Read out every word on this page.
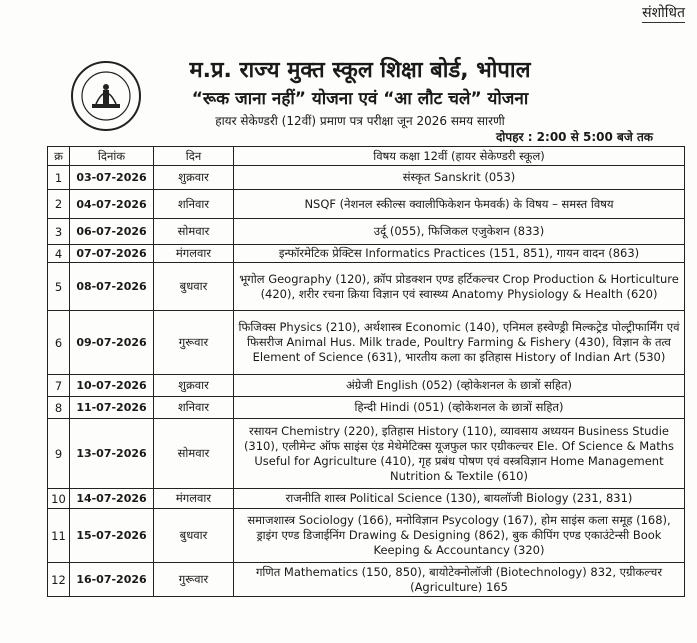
संशोधित
म.प्र. राज्य मुक्त स्कूल शिक्षा बोर्ड, भोपाल
“रूक जाना नहीं” योजना एवं “आ लौट चले” योजना
हायर सेकेण्डरी (12वीं) प्रमाण पत्र परीक्षा जून 2026 समय सारणी
दोपहर : 2:00 से 5:00 बजे तक
क्र	दिनांक	दिन	विषय कक्षा 12वीं (हायर सेकेण्डरी स्कूल)
1	03-07-2026	शुक्रवार	संस्कृत Sanskrit (053)
2	04-07-2026	शनिवार	NSQF (नेशनल स्कील्स क्वालीफिकेशन फेमवर्क) के विषय – समस्त विषय
3	06-07-2026	सोमवार	उर्दू (055), फिजिकल एजुकेशन (833)
4	07-07-2026	मंगलवार	इन्फॉरमेटिक प्रेक्टिस Informatics Practices (151, 851), गायन वादन (863)
5	08-07-2026	बुधवार	भूगोल Geography (120), क्रॉप प्रोडक्शन एण्ड हर्टिकल्चर Crop Production & Horticulture (420), शरीर रचना क्रिया विज्ञान एवं स्वास्थ्य Anatomy Physiology & Health (620)
6	09-07-2026	गुरूवार	फिजिक्स Physics (210), अर्थशास्त्र Economic (140), एनिमल हस्वेण्ड्री मिल्कट्रेड पोल्ट्रीफार्मिंग एवं फिसरीज Animal Hus. Milk trade, Poultry Farming & Fishery (430), विज्ञान के तत्व Element of Science (631), भारतीय कला का इतिहास History of Indian Art (530)
7	10-07-2026	शुक्रवार	अंग्रेजी English (052) (व्होकेशनल के छात्रों सहित)
8	11-07-2026	शनिवार	हिन्दी Hindi (051) (व्होकेशनल के छात्रों सहित)
9	13-07-2026	सोमवार	रसायन Chemistry (220), इतिहास History (110), व्यावसाय अध्ययन Business Studie (310), एलीमेन्ट ऑफ साइंस एंड मेथेमेटिक्स यूजफुल फार एग्रीकल्चर Ele. Of Science & Maths Useful for Agriculture (410), गृह प्रबंध पोषण एवं वस्त्रविज्ञान Home Management Nutrition & Textile (610)
10	14-07-2026	मंगलवार	राजनीति शास्त्र Political Science (130), बायलॉजी Biology (231, 831)
11	15-07-2026	बुधवार	समाजशास्त्र Sociology (166), मनोविज्ञान Psycology (167), होम साइंस कला समूह (168), ड्राइंग एण्ड डिजाईनिंग Drawing & Designing (862), बुक कीपिंग एण्ड एकाउंटेन्सी Book Keeping & Accountancy (320)
12	16-07-2026	गुरूवार	गणित Mathematics (150, 850), बायोटेक्नोलॉजी (Biotechnology) 832, एग्रीकल्चर (Agriculture) 165
